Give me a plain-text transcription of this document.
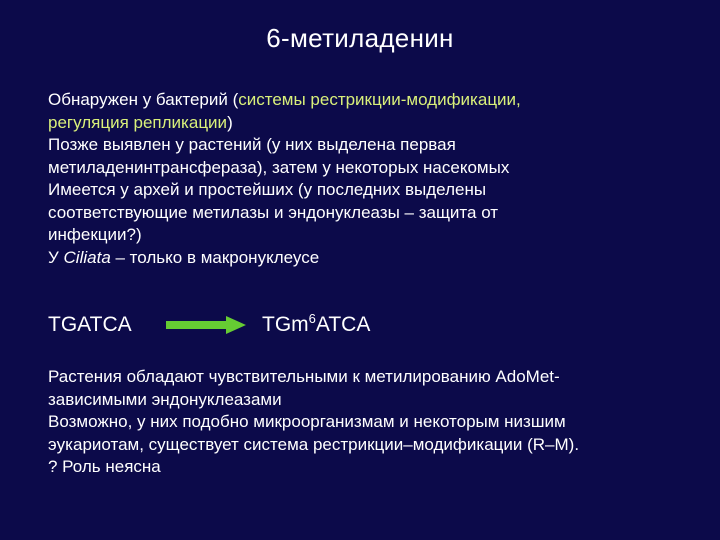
6-метиладенин
Обнаружен у бактерий (системы рестрикции-модификации,
регуляция репликации)
Позже выявлен у растений (у них выделена первая
метиладенинтрансфераза), затем у некоторых насекомых
Имеется у архей и простейших (у последних выделены
соответствующие метилазы и эндонуклеазы – защита от
инфекции?)
У Ciliata – только в макронуклеусе
TGATCA	TGm$^6$ATCA
Растения обладают чувствительными к метилированию AdoMet-
зависимыми эндонуклеазами
Возможно, у них подобно микроорганизмам и некоторым низшим
эукариотам, существует система рестрикции–модификации (R–M).
? Роль неясна
